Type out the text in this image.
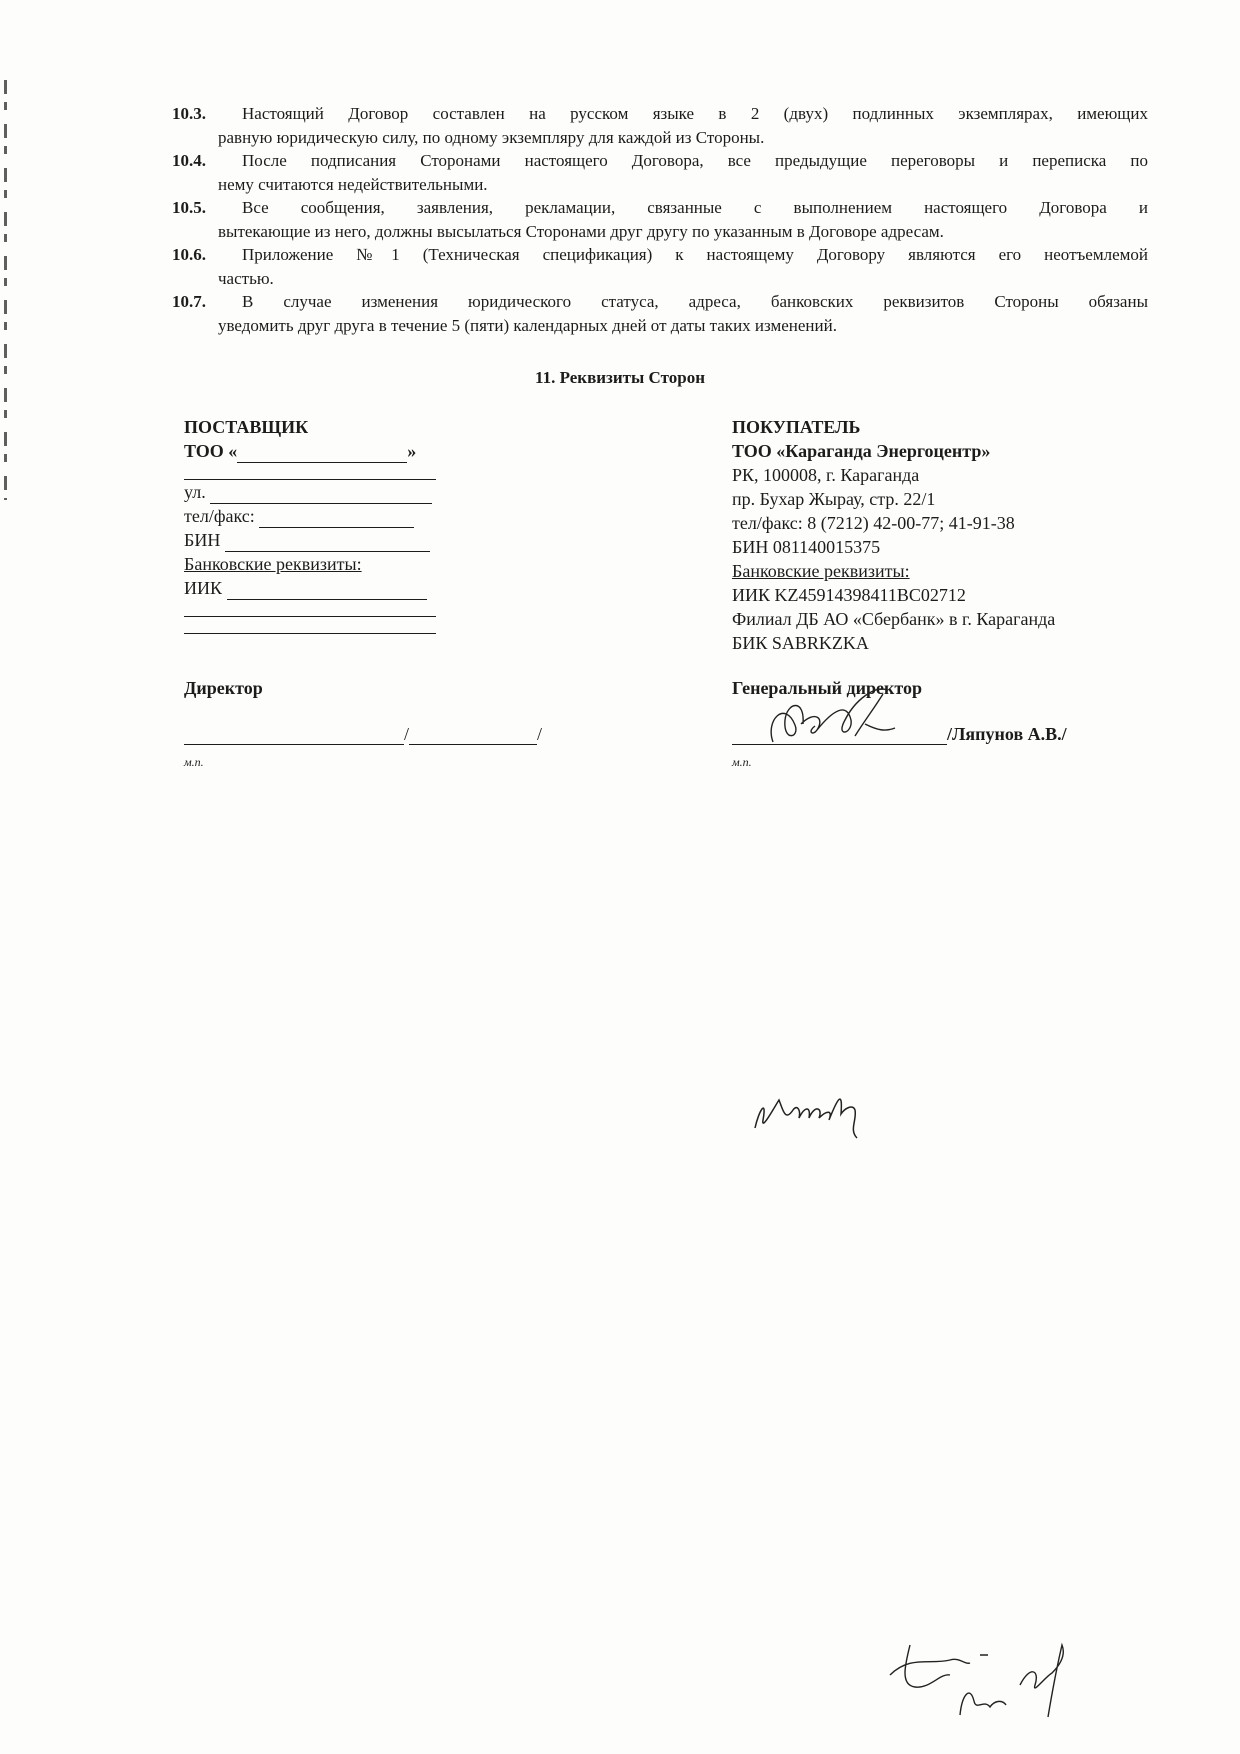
10.3.	Настоящий Договор составлен на русском языке в 2 (двух) подлинных экземплярах, имеющих
равную юридическую силу, по одному экземпляру для каждой из Стороны.
10.4.	После подписания Сторонами настоящего Договора, все предыдущие переговоры и переписка по
нему считаются недействительными.
10.5.	Все сообщения, заявления, рекламации, связанные с выполнением настоящего Договора и
вытекающие из него, должны высылаться Сторонами друг другу по указанным в Договоре адресам.
10.6.	Приложение №1 (Техническая спецификация) к настоящему Договору являются его неотъемлемой
частью.
10.7.	В случае изменения юридического статуса, адреса, банковских реквизитов Стороны обязаны
уведомить друг друга в течение 5 (пяти) календарных дней от даты таких изменений.
11. Реквизиты Сторон
ПОСТАВЩИК
ТОО «	»
ул.
тел/факс:
БИН
Банковские реквизиты:
ИИК
ПОКУПАТЕЛЬ
ТОО «Караганда Энергоцентр»
РК, 100008, г. Караганда
пр. Бухар Жырау, стр. 22/1
тел/факс: 8 (7212) 42-00-77; 41-91-38
БИН 081140015375
Банковские реквизиты:
ИИК KZ45914398411BC02712
Филиал ДБ АО «Сбербанк» в г. Караганда
БИК SABRKZKA
Директор	Генеральный директор
/	/	/Ляпунов А.В./
м.п.	м.п.
